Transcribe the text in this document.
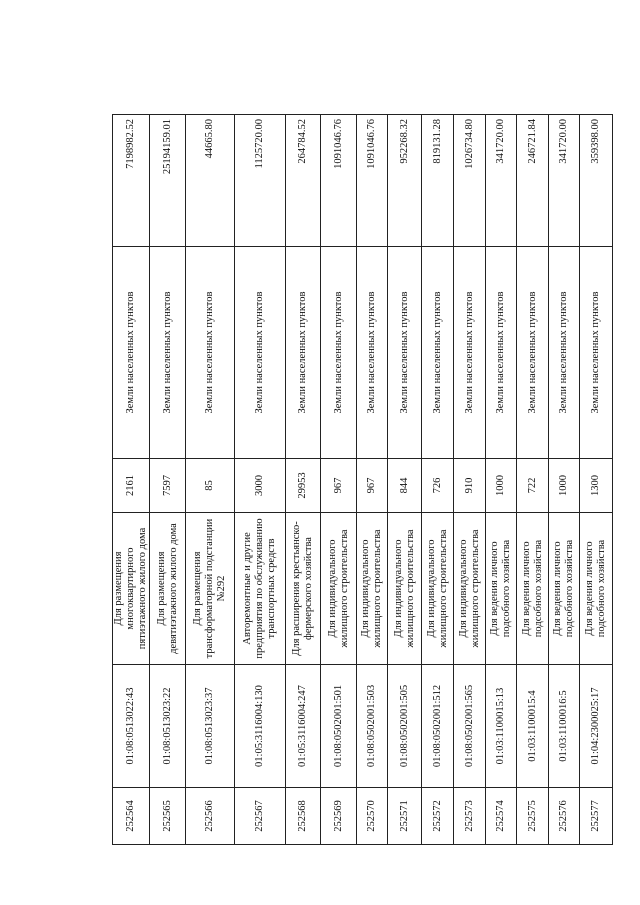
252564	01:08:0513022:43	Для размещения многоквартирного пятиэтажного жилого дома	2161	Земли населенных пунктов	7198982.52
252565	01:08:0513023:22	Для размещения девятиэтажного жилого дома	7597	Земли населенных пунктов	25194159.01
252566	01:08:0513023:37	Для размещения трансформаторной подстанции №292	85	Земли населенных пунктов	44665.80
252567	01:05:3116004:130	Авторемонтные и другие предприятия по обслуживанию транспортных средств	3000	Земли населенных пунктов	1125720.00
252568	01:05:3116004:247	Для расширения крестьянско-фермерского хозяйства	29953	Земли населенных пунктов	264784.52
252569	01:08:0502001:501	Для индивидуального жилищного строительства	967	Земли населенных пунктов	1091046.76
252570	01:08:0502001:503	Для индивидуального жилищного строительства	967	Земли населенных пунктов	1091046.76
252571	01:08:0502001:505	Для индивидуального жилищного строительства	844	Земли населенных пунктов	952268.32
252572	01:08:0502001:512	Для индивидуального жилищного строительства	726	Земли населенных пунктов	819131.28
252573	01:08:0502001:565	Для индивидуального жилищного строительства	910	Земли населенных пунктов	1026734.80
252574	01:03:1100015:13	Для ведения личного подсобного хозяйства	1000	Земли населенных пунктов	341720.00
252575	01:03:1100015:4	Для ведения личного подсобного хозяйства	722	Земли населенных пунктов	246721.84
252576	01:03:1100016:5	Для ведения личного подсобного хозяйства	1000	Земли населенных пунктов	341720.00
252577	01:04:2300025:17	Для ведения личного подсобного хозяйства	1300	Земли населенных пунктов	359398.00
